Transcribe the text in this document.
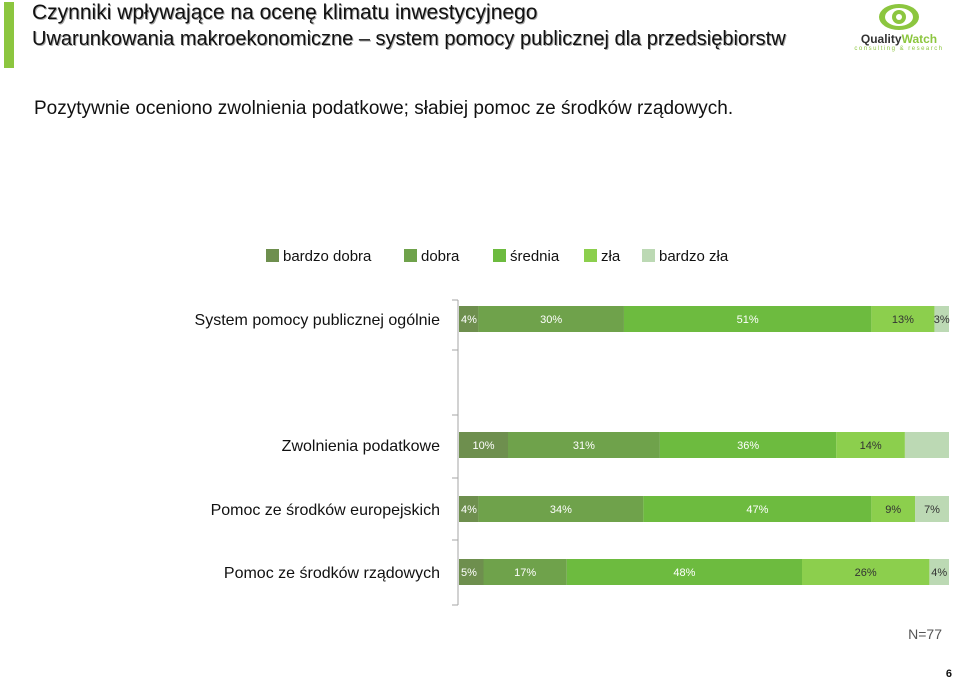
Czynniki wpływające na ocenę klimatu inwestycyjnego
Uwarunkowania makroekonomiczne – system pomocy publicznej dla przedsiębiorstw	QualityWatch
consulting & research
Pozytywnie oceniono zwolnienia podatkowe; słabiej pomoc ze środków rządowych.
bardzo dobra	dobra	średnia	zła	bardzo zła
System pomocy publicznej ogólnie 4%	30%	51%	13% 3%
Zwolnienia podatkowe	10%	31%	36%	14%
Pomoc ze środków europejskich 4%	34%	47%	9% 7%
Pomoc ze środków rządowych 5%	17%	48%	26%	4%
N=77
6
